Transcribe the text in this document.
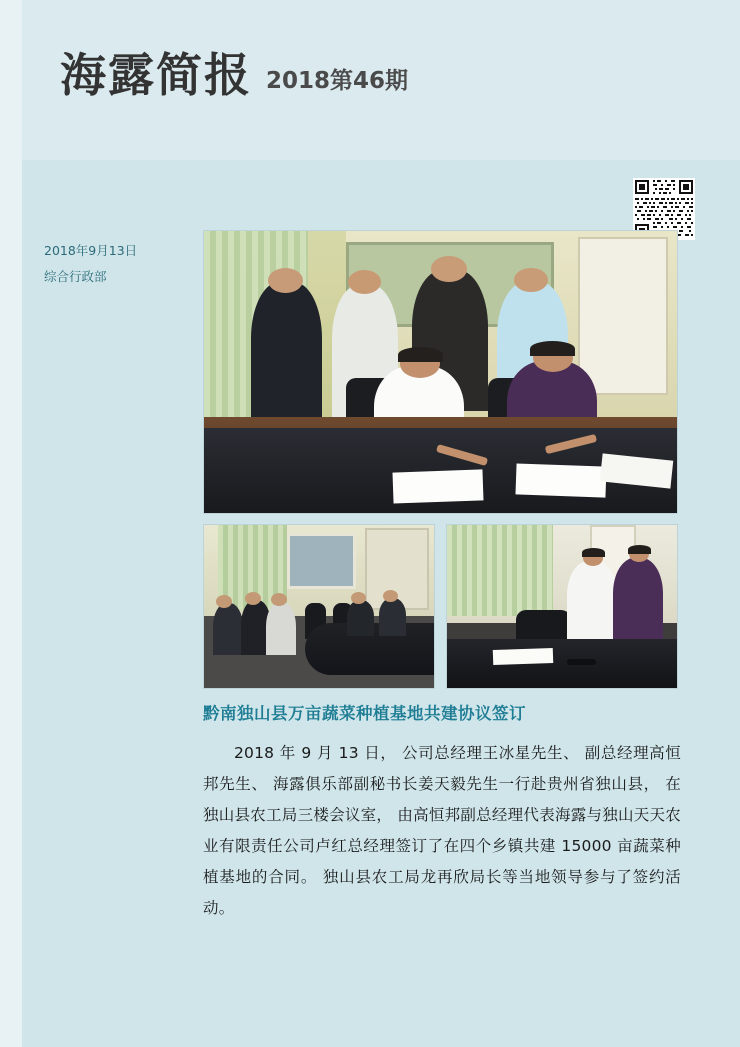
海露简报 2018第46期
2018年9月13日
综合行政部
黔南独山县万亩蔬菜种植基地共建协议签订
2018 年 9 月 13 日， 公司总经理王冰星先生、 副总经理高恒邦先生、 海露俱乐部副秘书长姜天毅先生一行赴贵州省独山县， 在独山县农工局三楼会议室， 由高恒邦副总经理代表海露与独山天天农业有限责任公司卢红总经理签订了在四个乡镇共建 15000 亩蔬菜种植基地的合同。 独山县农工局龙再欣局长等当地领导参与了签约活动。
